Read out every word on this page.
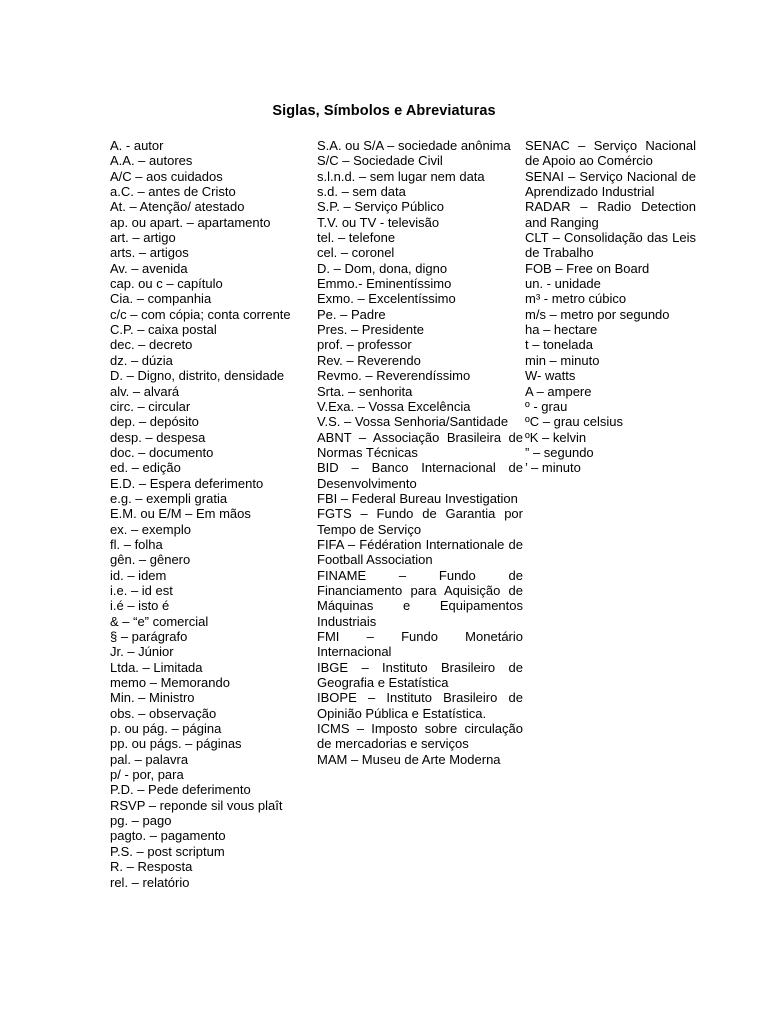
Siglas, Símbolos e Abreviaturas

A. - autor

A.A. – autores

A/C – aos cuidados

a.C. – antes de Cristo

At. – Atenção/ atestado

ap. ou apart. – apartamento

art. – artigo

arts. – artigos

Av. – avenida

cap. ou c – capítulo

Cia. – companhia

c/c – com cópia; conta corrente

C.P. – caixa postal

dec. – decreto

dz. – dúzia

D. – Digno, distrito, densidade

alv. – alvará

circ. – circular

dep. – depósito

desp. – despesa

doc. – documento

ed. – edição

E.D. – Espera deferimento

e.g. – exempli gratia

E.M. ou E/M – Em mãos

ex. – exemplo

fl. – folha

gên. – gênero

id. – idem

i.e. – id est

i.é – isto é

& – “e” comercial

§ – parágrafo

Jr. – Júnior

Ltda. – Limitada

memo – Memorando

Min. – Ministro

obs. – observação

p. ou pág. – página

pp. ou págs. – páginas

pal. – palavra

p/ - por, para

P.D. – Pede deferimento

RSVP – reponde sil vous plaît

pg. – pago

pagto. – pagamento

P.S. – post scriptum

R. – Resposta

rel. – relatório

S.A. ou S/A – sociedade anônima

S/C – Sociedade Civil

s.l.n.d. – sem lugar nem data

s.d. – sem data

S.P. – Serviço Público

T.V. ou TV - televisão

tel. – telefone

cel. – coronel

D. – Dom, dona, digno

Emmo.- Eminentíssimo

Exmo. – Excelentíssimo

Pe. – Padre

Pres. – Presidente

prof. – professor

Rev. – Reverendo

Revmo. – Reverendíssimo

Srta. – senhorita

V.Exa. – Vossa Excelência

V.S. – Vossa Senhoria/Santidade

ABNT – Associação Brasileira de Normas Técnicas

BID – Banco Internacional de Desenvolvimento

FBI – Federal Bureau Investigation

FGTS – Fundo de Garantia por Tempo de Serviço

FIFA – Fédération Internationale de Football Association

FINAME – Fundo de Financiamento para Aquisição de Máquinas e Equipamentos Industriais

FMI – Fundo Monetário Internacional

IBGE – Instituto Brasileiro de Geografia e Estatística

IBOPE – Instituto Brasileiro de Opinião Pública e Estatística.

ICMS – Imposto sobre circulação de mercadorias e serviços

MAM – Museu de Arte Moderna

SENAC – Serviço Nacional de Apoio ao Comércio

SENAI – Serviço Nacional de Aprendizado Industrial

RADAR – Radio Detection and Ranging

CLT – Consolidação das Leis de Trabalho

FOB – Free on Board

un. - unidade

m³ - metro cúbico

m/s – metro por segundo

ha – hectare

t – tonelada

min – minuto

W- watts

A – ampere

º - grau

ºC – grau celsius

ºK – kelvin

” – segundo

’ – minuto
